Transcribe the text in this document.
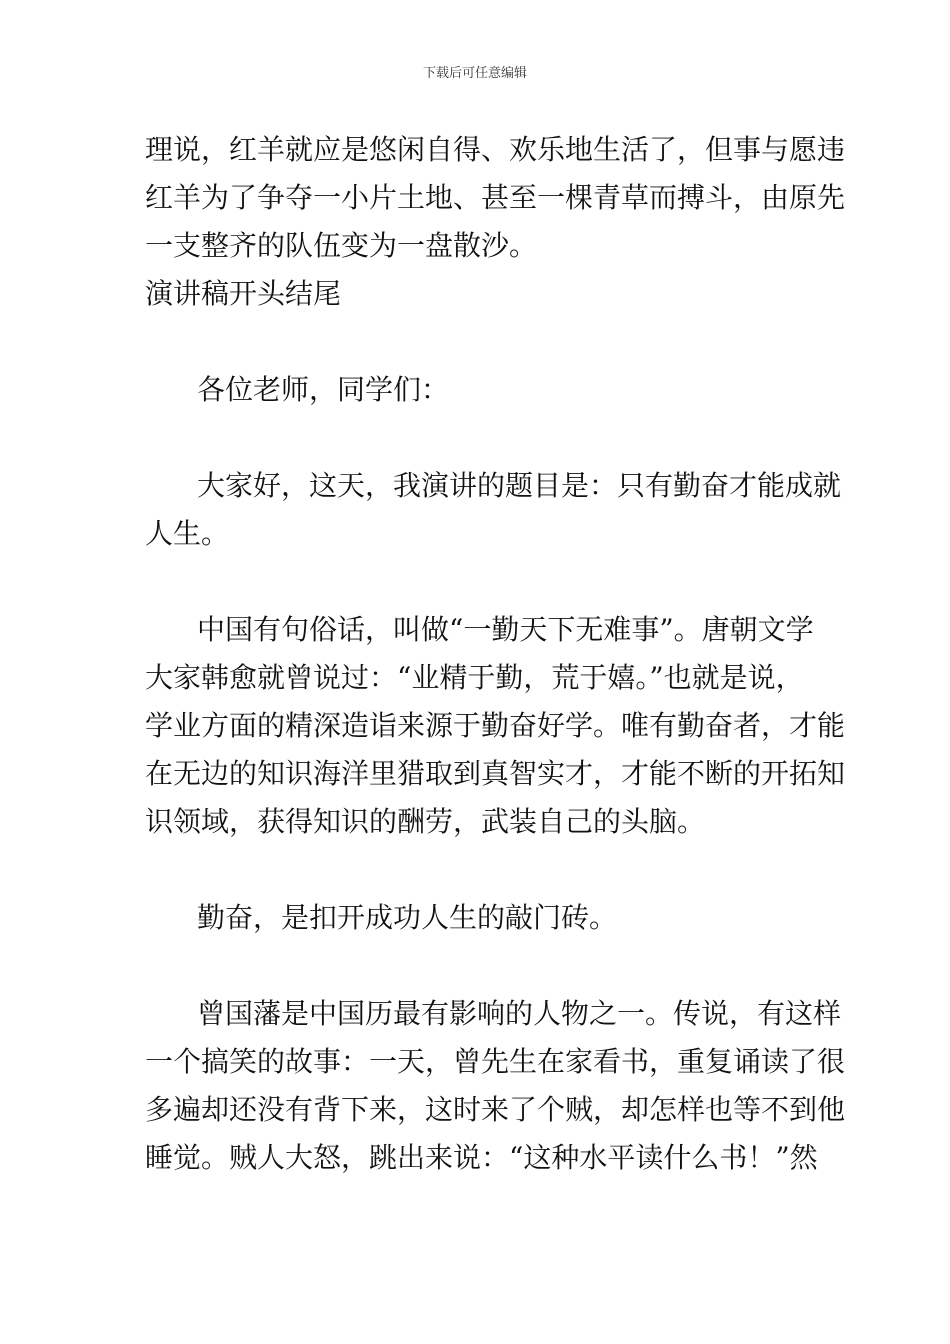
下载后可任意编辑
理说，红羊就应是悠闲自得、欢乐地生活了，但事与愿违
红羊为了争夺一小片土地、甚至一棵青草而搏斗，由原先
一支整齐的队伍变为一盘散沙。
演讲稿开头结尾
各位老师，同学们：
大家好，这天，我演讲的题目是：只有勤奋才能成就
人生。
中国有句俗话，叫做“一勤天下无难事”。唐朝文学
大家韩愈就曾说过：“业精于勤，荒于嬉。”也就是说，
学业方面的精深造诣来源于勤奋好学。唯有勤奋者，才能
在无边的知识海洋里猎取到真智实才，才能不断的开拓知
识领域，获得知识的酬劳，武装自己的头脑。
勤奋，是扣开成功人生的敲门砖。
曾国藩是中国历最有影响的人物之一。传说，有这样
一个搞笑的故事：一天，曾先生在家看书，重复诵读了很
多遍却还没有背下来，这时来了个贼，却怎样也等不到他
睡觉。贼人大怒，跳出来说：“这种水平读什么书！”然
